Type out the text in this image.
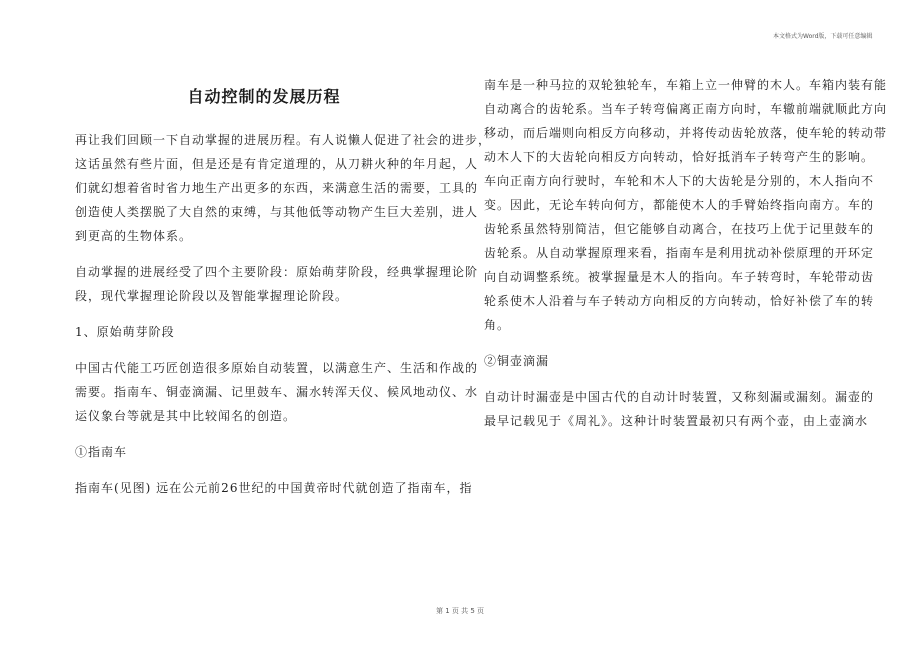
本文格式为Word版，下载可任意编辑
自动控制的发展历程
再让我们回顾一下自动掌握的进展历程。有人说懒人促进了社会的进步，
这话虽然有些片面，但是还是有肯定道理的，从刀耕火种的年月起，人
们就幻想着省时省力地生产出更多的东西，来满意生活的需要，工具的
创造使人类摆脱了大自然的束缚，与其他低等动物产生巨大差别，进人
到更高的生物体系。
自动掌握的进展经受了四个主要阶段：原始萌芽阶段，经典掌握理论阶
段，现代掌握理论阶段以及智能掌握理论阶段。
1、原始萌芽阶段
中国古代能工巧匠创造很多原始自动装置，以满意生产、生活和作战的
需要。指南车、铜壶滴漏、记里鼓车、漏水转浑天仪、候风地动仪、水
运仪象台等就是其中比较闻名的创造。
①指南车
指南车(见图) 远在公元前26世纪的中国黄帝时代就创造了指南车，指
南车是一种马拉的双轮独轮车，车箱上立一伸臂的木人。车箱内装有能
自动离合的齿轮系。当车子转弯偏离正南方向时，车辙前端就顺此方向
移动，而后端则向相反方向移动，并将传动齿轮放落，使车轮的转动带
动木人下的大齿轮向相反方向转动，恰好抵消车子转弯产生的影响。
车向正南方向行驶时，车轮和木人下的大齿轮是分别的，木人指向不
变。因此，无论车转向何方，都能使木人的手臂始终指向南方。车的
齿轮系虽然特别简洁，但它能够自动离合，在技巧上优于记里鼓车的
齿轮系。从自动掌握原理来看，指南车是利用扰动补偿原理的开环定
向自动调整系统。被掌握量是木人的指向。车子转弯时，车轮带动齿
轮系使木人沿着与车子转动方向相反的方向转动，恰好补偿了车的转
角。
②铜壶滴漏
自动计时漏壶是中国古代的自动计时装置，又称刻漏或漏刻。漏壶的
最早记载见于《周礼》。这种计时装置最初只有两个壶，由上壶滴水
第 1 页 共 5 页
